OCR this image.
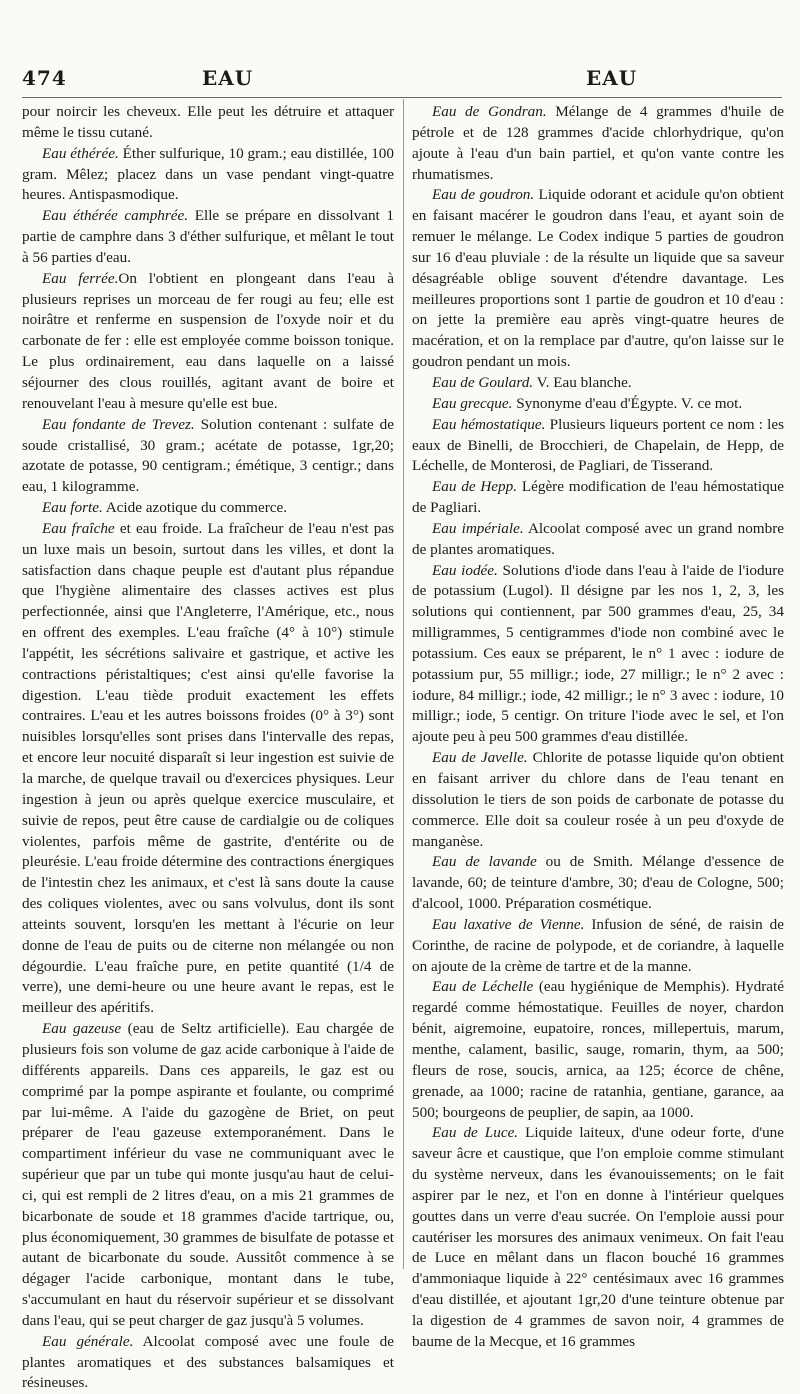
474	EAU	EAU

pour noircir les cheveux. Elle peut les détruire et attaquer même le tissu cutané.

Eau éthérée. Éther sulfurique, 10 gram.; eau distillée, 100 gram. Mêlez; placez dans un vase pendant vingt-quatre heures. Antispasmodique.

Eau éthérée camphrée. Elle se prépare en dissolvant 1 partie de camphre dans 3 d'éther sulfurique, et mêlant le tout à 56 parties d'eau.

Eau ferrée.On l'obtient en plongeant dans l'eau à plusieurs reprises un morceau de fer rougi au feu; elle est noirâtre et renferme en suspension de l'oxyde noir et du carbonate de fer : elle est employée comme boisson tonique. Le plus ordinairement, eau dans laquelle on a laissé séjourner des clous rouillés, agitant avant de boire et renouvelant l'eau à mesure qu'elle est bue.

Eau fondante de Trevez. Solution contenant : sulfate de soude cristallisé, 30 gram.; acétate de potasse, 1gr,20; azotate de potasse, 90 centigram.; émétique, 3 centigr.; dans eau, 1 kilogramme.

Eau forte. Acide azotique du commerce.

Eau fraîche et eau froide. La fraîcheur de l'eau n'est pas un luxe mais un besoin, surtout dans les villes, et dont la satisfaction dans chaque peuple est d'autant plus répandue que l'hygiène alimentaire des classes actives est plus perfectionnée, ainsi que l'Angleterre, l'Amérique, etc., nous en offrent des exemples. L'eau fraîche (4° à 10°) stimule l'appétit, les sécrétions salivaire et gastrique, et active les contractions péristaltiques; c'est ainsi qu'elle favorise la digestion. L'eau tiède produit exactement les effets contraires. L'eau et les autres boissons froides (0° à 3°) sont nuisibles lorsqu'elles sont prises dans l'intervalle des repas, et encore leur nocuité disparaît si leur ingestion est suivie de la marche, de quelque travail ou d'exercices physiques. Leur ingestion à jeun ou après quelque exercice musculaire, et suivie de repos, peut être cause de cardialgie ou de coliques violentes, parfois même de gastrite, d'entérite ou de pleurésie. L'eau froide détermine des contractions énergiques de l'intestin chez les animaux, et c'est là sans doute la cause des coliques violentes, avec ou sans volvulus, dont ils sont atteints souvent, lorsqu'en les mettant à l'écurie on leur donne de l'eau de puits ou de citerne non mélangée ou non dégourdie. L'eau fraîche pure, en petite quantité (1/4 de verre), une demi-heure ou une heure avant le repas, est le meilleur des apéritifs.

Eau gazeuse (eau de Seltz artificielle). Eau chargée de plusieurs fois son volume de gaz acide carbonique à l'aide de différents appareils. Dans ces appareils, le gaz est ou comprimé par la pompe aspirante et foulante, ou comprimé par lui-même. A l'aide du gazogène de Briet, on peut préparer de l'eau gazeuse extemporanément. Dans le compartiment inférieur du vase ne communiquant avec le supérieur que par un tube qui monte jusqu'au haut de celui-ci, qui est rempli de 2 litres d'eau, on a mis 21 grammes de bicarbonate de soude et 18 grammes d'acide tartrique, ou, plus économiquement, 30 grammes de bisulfate de potasse et autant de bicarbonate du soude. Aussitôt commence à se dégager l'acide carbonique, montant dans le tube, s'accumulant en haut du réservoir supérieur et se dissolvant dans l'eau, qui se peut charger de gaz jusqu'à 5 volumes.

Eau générale. Alcoolat composé avec une foule de plantes aromatiques et des substances balsamiques et résineuses.

Eau de Gondran. Mélange de 4 grammes d'huile de pétrole et de 128 grammes d'acide chlorhydrique, qu'on ajoute à l'eau d'un bain partiel, et qu'on vante contre les rhumatismes.

Eau de goudron. Liquide odorant et acidule qu'on obtient en faisant macérer le goudron dans l'eau, et ayant soin de remuer le mélange. Le Codex indique 5 parties de goudron sur 16 d'eau pluviale : de la résulte un liquide que sa saveur désagréable oblige souvent d'étendre davantage. Les meilleures proportions sont 1 partie de goudron et 10 d'eau : on jette la première eau après vingt-quatre heures de macération, et on la remplace par d'autre, qu'on laisse sur le goudron pendant un mois.

Eau de Goulard. V. Eau blanche.

Eau grecque. Synonyme d'eau d'Égypte. V. ce mot.

Eau hémostatique. Plusieurs liqueurs portent ce nom : les eaux de Binelli, de Brocchieri, de Chapelain, de Hepp, de Léchelle, de Monterosi, de Pagliari, de Tisserand.

Eau de Hepp. Légère modification de l'eau hémostatique de Pagliari.

Eau impériale. Alcoolat composé avec un grand nombre de plantes aromatiques.

Eau iodée. Solutions d'iode dans l'eau à l'aide de l'iodure de potassium (Lugol). Il désigne par les nos 1, 2, 3, les solutions qui contiennent, par 500 grammes d'eau, 25, 34 milligrammes, 5 centigrammes d'iode non combiné avec le potassium. Ces eaux se préparent, le n° 1 avec : iodure de potassium pur, 55 milligr.; iode, 27 milligr.; le n° 2 avec : iodure, 84 milligr.; iode, 42 milligr.; le n° 3 avec : iodure, 10 milligr.; iode, 5 centigr. On triture l'iode avec le sel, et l'on ajoute peu à peu 500 grammes d'eau distillée.

Eau de Javelle. Chlorite de potasse liquide qu'on obtient en faisant arriver du chlore dans de l'eau tenant en dissolution le tiers de son poids de carbonate de potasse du commerce. Elle doit sa couleur rosée à un peu d'oxyde de manganèse.

Eau de lavande ou de Smith. Mélange d'essence de lavande, 60; de teinture d'ambre, 30; d'eau de Cologne, 500; d'alcool, 1000. Préparation cosmétique.

Eau laxative de Vienne. Infusion de séné, de raisin de Corinthe, de racine de polypode, et de coriandre, à laquelle on ajoute de la crème de tartre et de la manne.

Eau de Léchelle (eau hygiénique de Memphis). Hydraté regardé comme hémostatique. Feuilles de noyer, chardon bénit, aigremoine, eupatoire, ronces, millepertuis, marum, menthe, calament, basilic, sauge, romarin, thym, aa 500; fleurs de rose, soucis, arnica, aa 125; écorce de chêne, grenade, aa 1000; racine de ratanhia, gentiane, garance, aa 500; bourgeons de peuplier, de sapin, aa 1000.

Eau de Luce. Liquide laiteux, d'une odeur forte, d'une saveur âcre et caustique, que l'on emploie comme stimulant du système nerveux, dans les évanouissements; on le fait aspirer par le nez, et l'on en donne à l'intérieur quelques gouttes dans un verre d'eau sucrée. On l'emploie aussi pour cautériser les morsures des animaux venimeux. On fait l'eau de Luce en mêlant dans un flacon bouché 16 grammes d'ammoniaque liquide à 22° centésimaux avec 16 grammes d'eau distillée, et ajoutant 1gr,20 d'une teinture obtenue par la digestion de 4 grammes de savon noir, 4 grammes de baume de la Mecque, et 16 grammes
